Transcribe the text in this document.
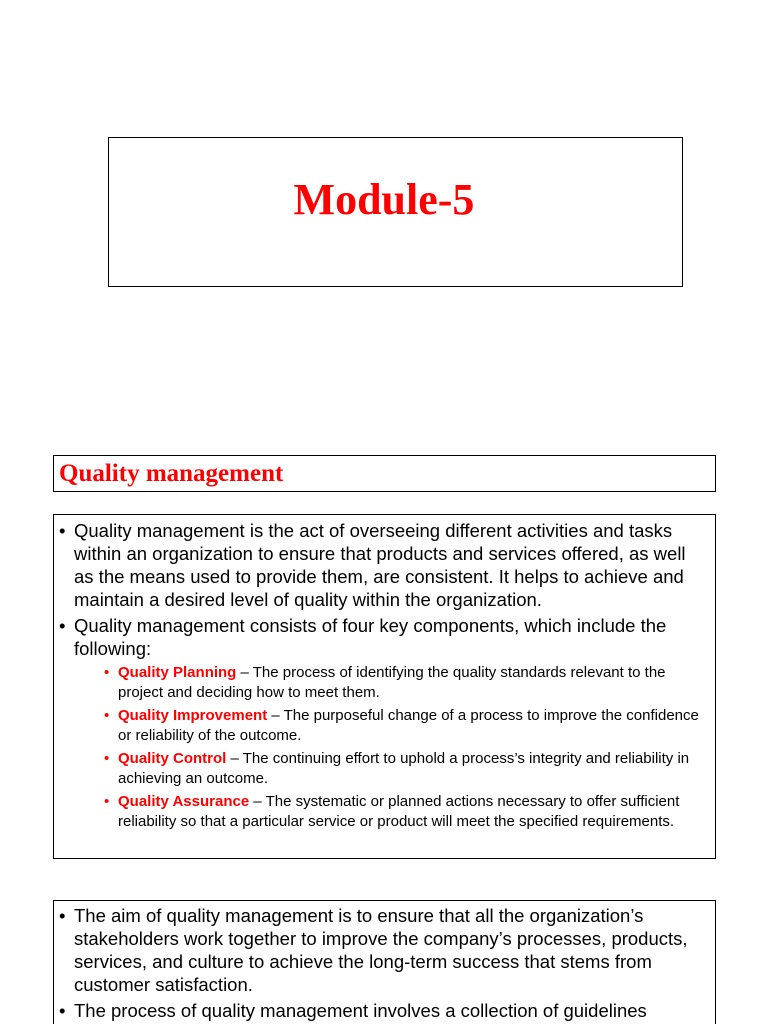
Module-5
Quality management
• Quality management is the act of overseeing different activities and tasks within an organization to ensure that products and services offered, as well as the means used to provide them, are consistent. It helps to achieve and maintain a desired level of quality within the organization.
• Quality management consists of four key components, which include the following:
• Quality Planning – The process of identifying the quality standards relevant to the project and deciding how to meet them.
• Quality Improvement – The purposeful change of a process to improve the confidence or reliability of the outcome.
• Quality Control – The continuing effort to uphold a process’s integrity and reliability in achieving an outcome.
• Quality Assurance – The systematic or planned actions necessary to offer sufficient reliability so that a particular service or product will meet the specified requirements.
• The aim of quality management is to ensure that all the organization’s stakeholders work together to improve the company’s processes, products, services, and culture to achieve the long-term success that stems from customer satisfaction.
• The process of quality management involves a collection of guidelines
